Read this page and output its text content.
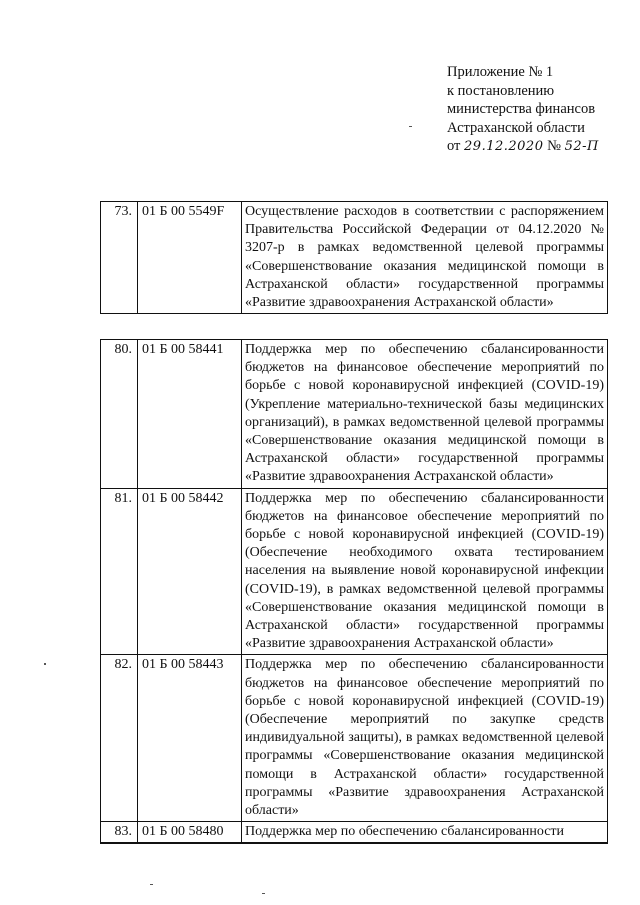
Приложение № 1
к постановлению
министерства финансов
Астраханской области
от 29.12.2020 № 52-П
73.	01 Б 00 5549F	Осуществление расходов в соответствии с распоряжением Правительства Российской Федерации от 04.12.2020 № 3207-р в рамках ведомственной целевой программы «Совершенствование оказания медицинской помощи в Астраханской области» государственной программы «Развитие здравоохранения Астраханской области»
80.	01 Б 00 58441	Поддержка мер по обеспечению сбалансированности бюджетов на финансовое обеспечение мероприятий по борьбе с новой коронавирусной инфекцией (COVID-19) (Укрепление материально-технической базы медицинских организаций), в рамках ведомственной целевой программы «Совершенствование оказания медицинской помощи в Астраханской области» государственной программы «Развитие здравоохранения Астраханской области»
81.	01 Б 00 58442	Поддержка мер по обеспечению сбалансированности бюджетов на финансовое обеспечение мероприятий по борьбе с новой коронавирусной инфекцией (COVID-19) (Обеспечение необходимого охвата тестированием населения на выявление новой коронавирусной инфекции (COVID-19), в рамках ведомственной целевой программы «Совершенствование оказания медицинской помощи в Астраханской области» государственной программы «Развитие здравоохранения Астраханской области»
82.	01 Б 00 58443	Поддержка мер по обеспечению сбалансированности бюджетов на финансовое обеспечение мероприятий по борьбе с новой коронавирусной инфекцией (COVID-19) (Обеспечение мероприятий по закупке средств индивидуальной защиты), в рамках ведомственной целевой программы «Совершенствование оказания медицинской помощи в Астраханской области» государственной программы «Развитие здравоохранения Астраханской области»
83.	01 Б 00 58480	Поддержка мер по обеспечению сбалансированности
